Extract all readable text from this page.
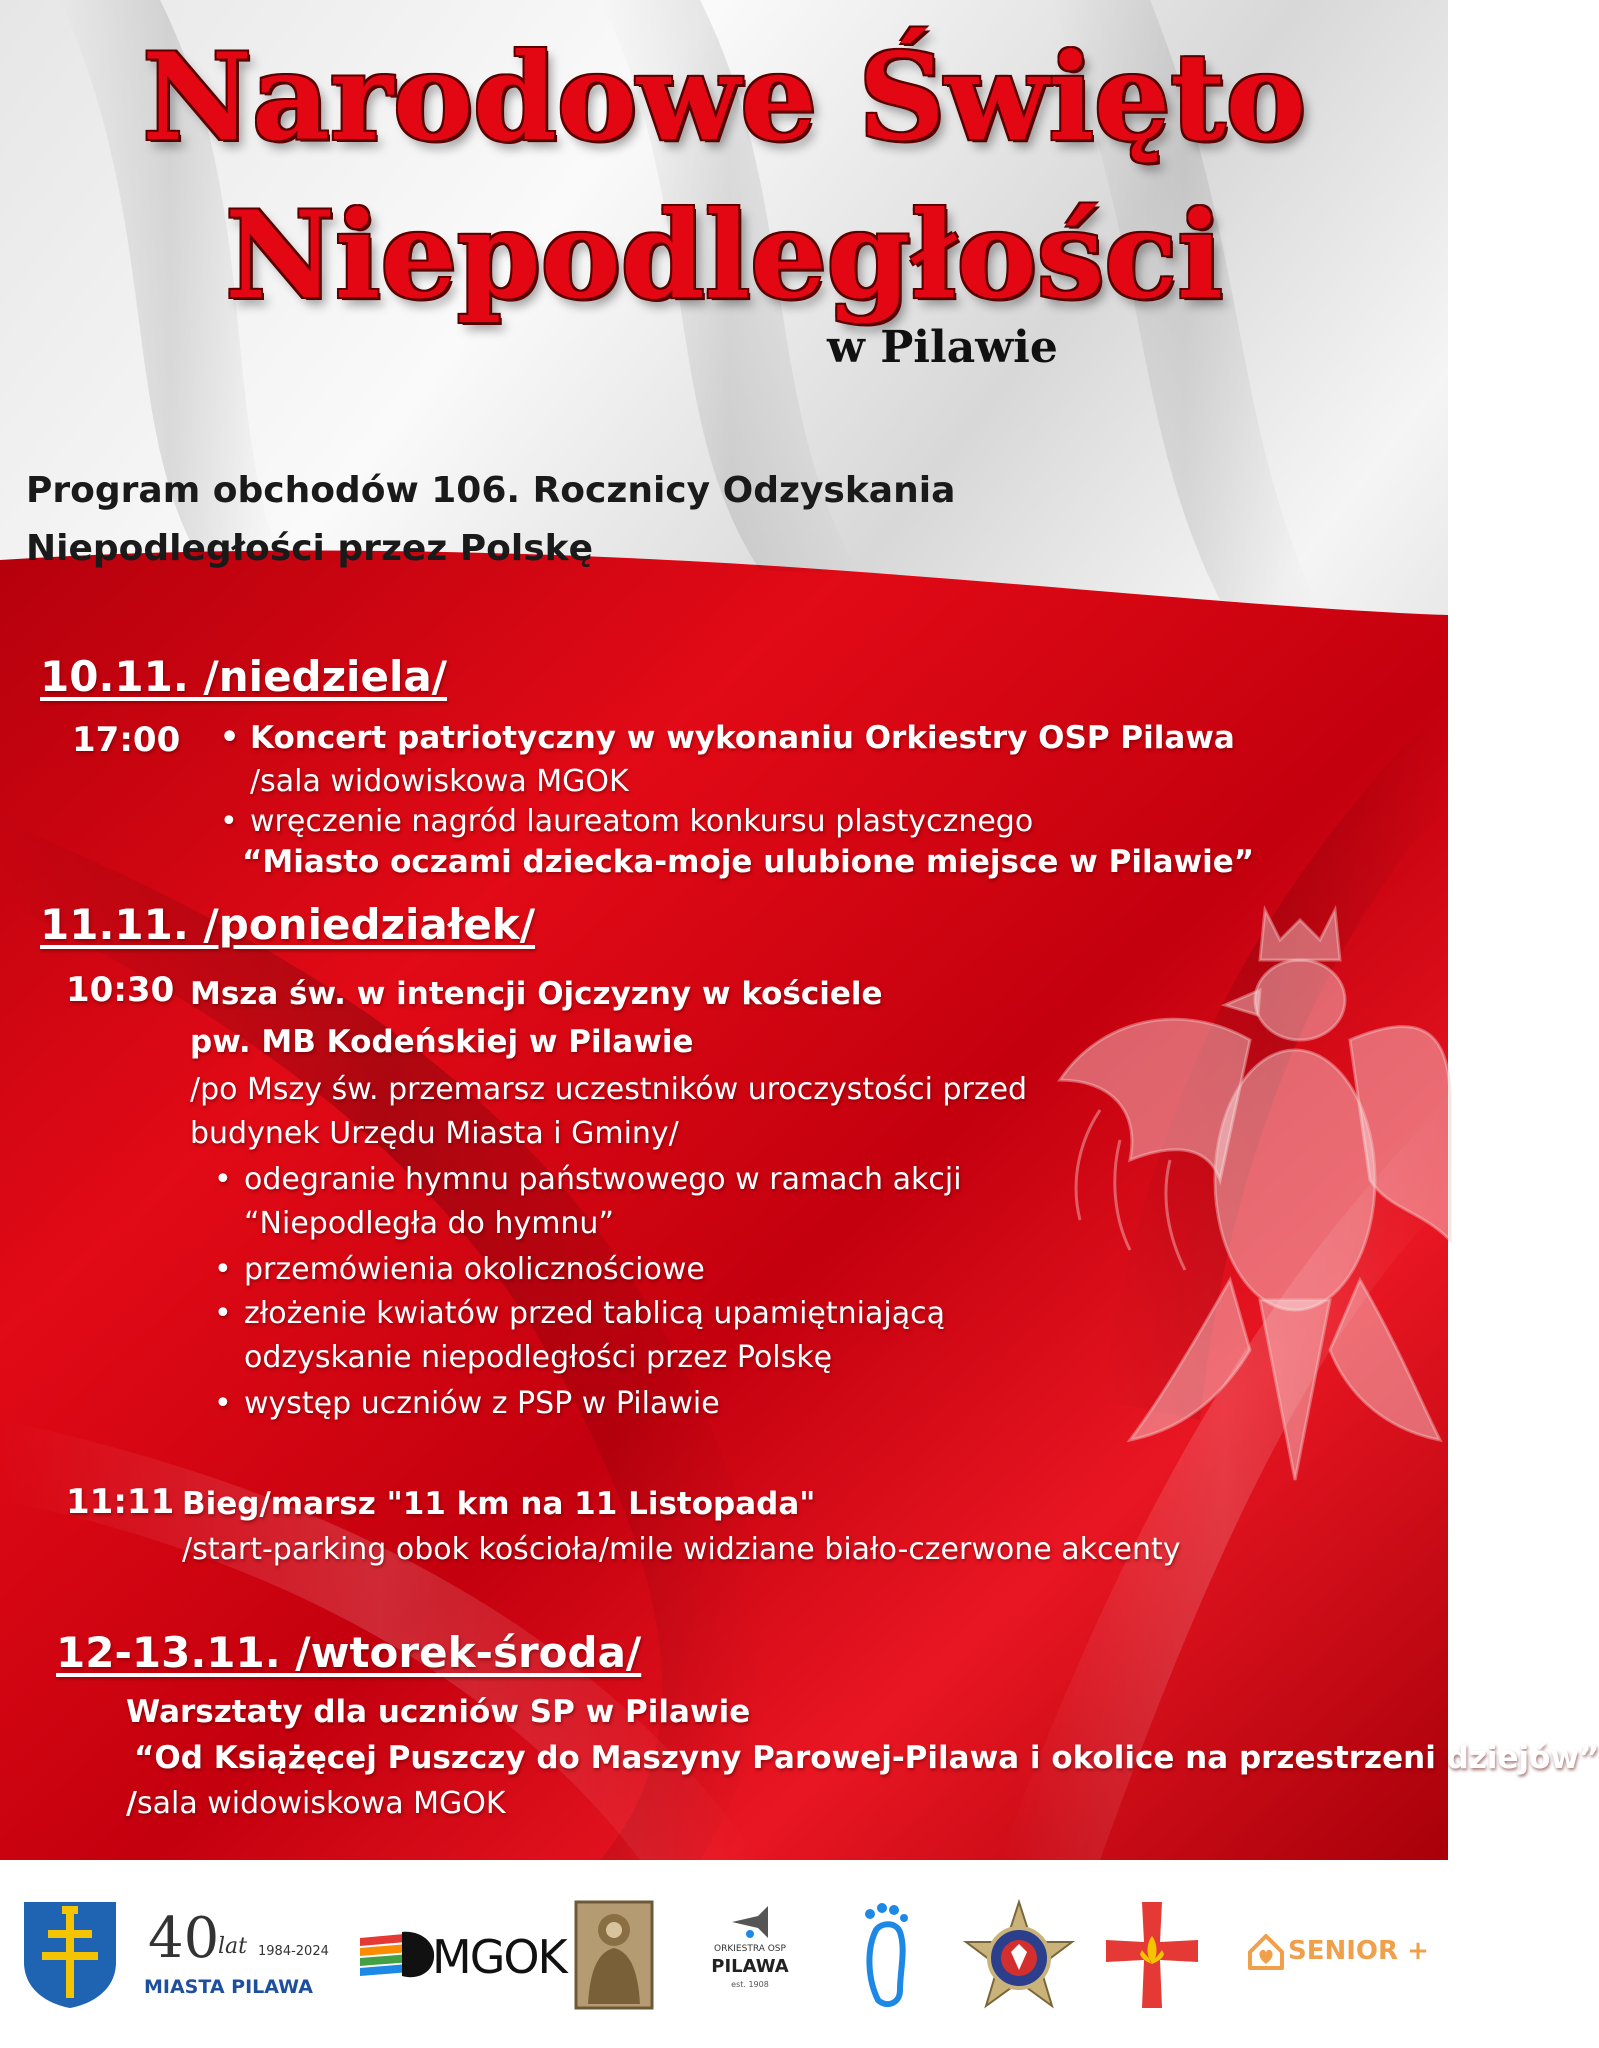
Narodowe Święto
Niepodległości
w Pilawie
Program obchodów 106. Rocznicy Odzyskania
Niepodległości przez Polskę
10.11. /niedziela/
17:00
• Koncert patriotyczny w wykonaniu Orkiestry OSP Pilawa
/sala widowiskowa MGOK
• wręczenie nagród laureatom konkursu plastycznego
“Miasto oczami dziecka-moje ulubione miejsce w Pilawie”
11.11. /poniedziałek/
10:30 Msza św. w intencji Ojczyzny w kościele
pw. MB Kodeńskiej w Pilawie
/po Mszy św. przemarsz uczestników uroczystości przed
budynek Urzędu Miasta i Gminy/
• odegranie hymnu państwowego w ramach akcji
“Niepodległa do hymnu”
• przemówienia okolicznościowe
• złożenie kwiatów przed tablicą upamiętniającą
odzyskanie niepodległości przez Polskę
• występ uczniów z PSP w Pilawie
11:11 Bieg/marsz "11 km na 11 Listopada"
/start-parking obok kościoła/mile widziane biało-czerwone akcenty
12-13.11. /wtorek-środa/
Warsztaty dla uczniów SP w Pilawie
“Od Książęcej Puszczy do Maszyny Parowej-Pilawa i okolice na przestrzeni dziejów”
/sala widowiskowa MGOK
40
lat 1984-2024
MIASTA PILAWA
MGOK	ORKIESTRA OSP
PILAWA
est. 1908
SENIOR +
